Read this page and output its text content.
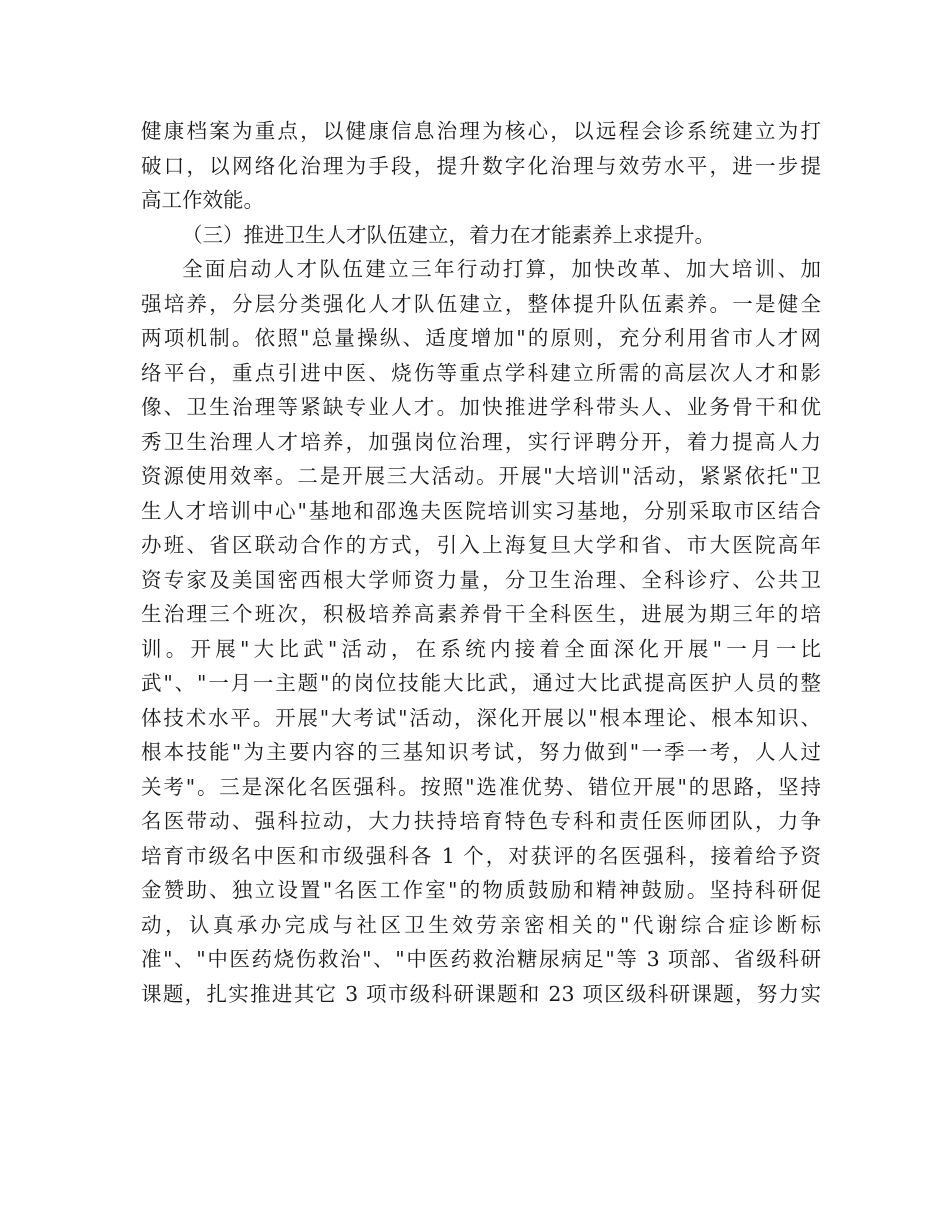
健康档案为重点，以健康信息治理为核心，以远程会诊系统建立为打
破口，以网络化治理为手段，提升数字化治理与效劳水平，进一步提
高工作效能。
（三）推进卫生人才队伍建立，着力在才能素养上求提升。
全面启动人才队伍建立三年行动打算，加快改革、加大培训、加
强培养，分层分类强化人才队伍建立，整体提升队伍素养。一是健全
两项机制。依照"总量操纵、适度增加"的原则，充分利用省市人才网
络平台，重点引进中医、烧伤等重点学科建立所需的高层次人才和影
像、卫生治理等紧缺专业人才。加快推进学科带头人、业务骨干和优
秀卫生治理人才培养，加强岗位治理，实行评聘分开，着力提高人力
资源使用效率。二是开展三大活动。开展"大培训"活动，紧紧依托"卫
生人才培训中心"基地和邵逸夫医院培训实习基地，分别采取市区结合
办班、省区联动合作的方式，引入上海复旦大学和省、市大医院高年
资专家及美国密西根大学师资力量，分卫生治理、全科诊疗、公共卫
生治理三个班次，积极培养高素养骨干全科医生，进展为期三年的培
训。开展"大比武"活动，在系统内接着全面深化开展"一月一比
武"、"一月一主题"的岗位技能大比武，通过大比武提高医护人员的整
体技术水平。开展"大考试"活动，深化开展以"根本理论、根本知识、
根本技能"为主要内容的三基知识考试，努力做到"一季一考，人人过
关考"。三是深化名医强科。按照"选准优势、错位开展"的思路，坚持
名医带动、强科拉动，大力扶持培育特色专科和责任医师团队，力争
培育市级名中医和市级强科各 1 个，对获评的名医强科，接着给予资
金赞助、独立设置"名医工作室"的物质鼓励和精神鼓励。坚持科研促
动，认真承办完成与社区卫生效劳亲密相关的"代谢综合症诊断标
准"、"中医药烧伤救治"、"中医药救治糖尿病足"等 3 项部、省级科研
课题，扎实推进其它 3 项市级科研课题和 23 项区级科研课题，努力实
